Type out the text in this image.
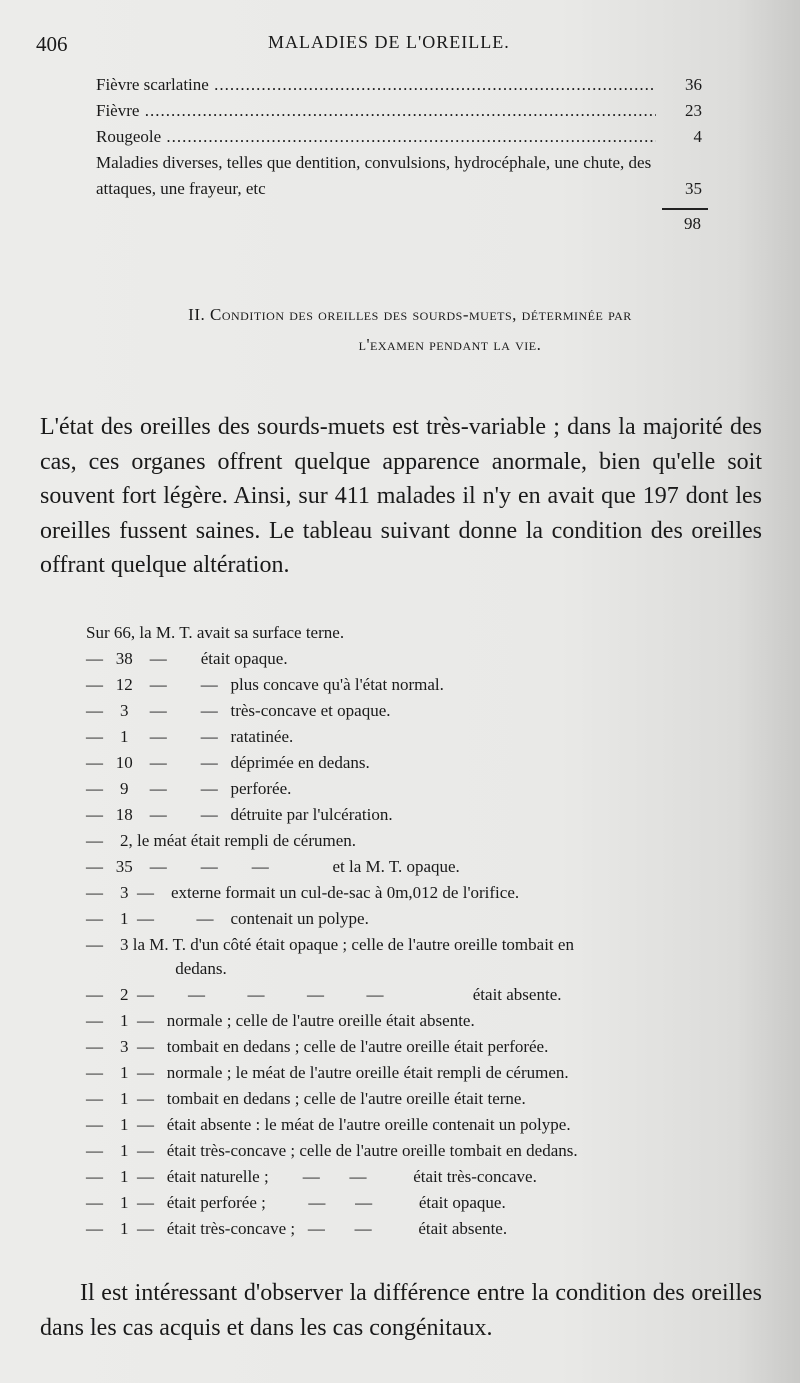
406	MALADIES DE L'OREILLE.
Fièvre scarlatine .....	36
Fièvre .....	23
Rougeole .....	4
Maladies diverses, telles que dentition, convulsions, hydrocéphale, une chute, des attaques, une frayeur, etc .....	35
98
II. Condition des oreilles des sourds-muets, déterminée par
l'examen pendant la vie.
L'état des oreilles des sourds-muets est très-variable ; dans la majorité des cas, ces organes offrent quelque apparence anormale, bien qu'elle soit souvent fort légère. Ainsi, sur 411 malades il n'y en avait que 197 dont les oreilles fussent saines. Le tableau suivant donne la condition des oreilles offrant quelque altération.
Sur 66, la M. T. avait sa surface terne.
—   38    —        était opaque.
—   12    —        —   plus concave qu'à l'état normal.
—    3     —        —   très-concave et opaque.
—    1     —        —   ratatinée.
—   10    —        —   déprimée en dedans.
—    9     —        —   perforée.
—   18    —        —   détruite par l'ulcération.
—    2, le méat était rempli de cérumen.
—   35    —        —        —               et la M. T. opaque.
—    3  —    externe formait un cul-de-sac à 0m,012 de l'orifice.
—    1  —          —    contenait un polype.
—    3 la M. T. d'un côté était opaque ; celle de l'autre oreille tombait en
dedans.
—    2  —        —          —          —          —                     était absente.
—    1  —   normale ; celle de l'autre oreille était absente.
—    3  —   tombait en dedans ; celle de l'autre oreille était perforée.
—    1  —   normale ; le méat de l'autre oreille était rempli de cérumen.
—    1  —   tombait en dedans ; celle de l'autre oreille était terne.
—    1  —   était absente : le méat de l'autre oreille contenait un polype.
—    1  —   était très-concave ; celle de l'autre oreille tombait en dedans.
—    1  —   était naturelle ;        —       —           était très-concave.
—    1  —   était perforée ;          —       —           était opaque.
—    1  —   était très-concave ;   —       —           était absente.
Il est intéressant d'observer la différence entre la condition des oreilles dans les cas acquis et dans les cas congénitaux.
